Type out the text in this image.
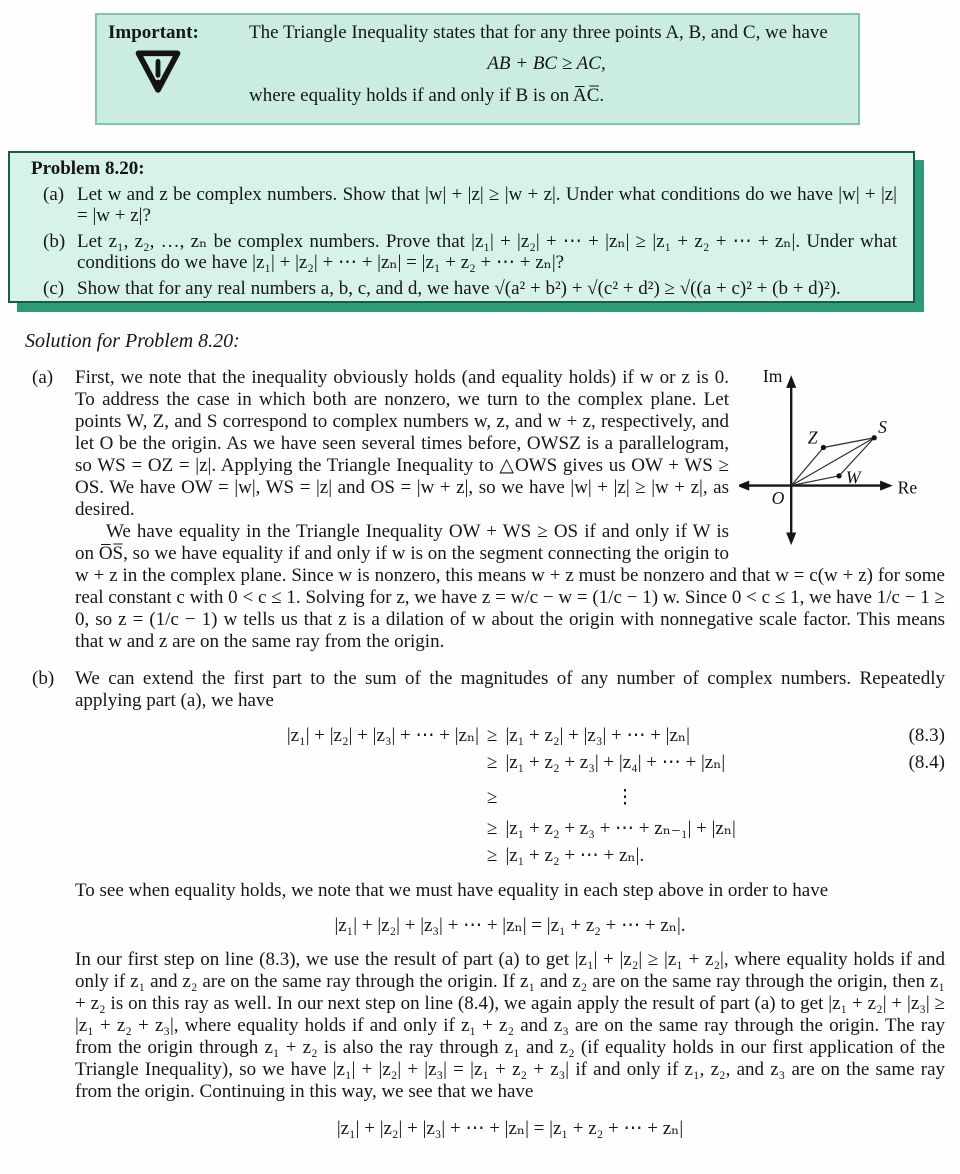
Important:	The Triangle Inequality states that for any three points A, B, and C, we have
AB + BC ≥ AC,
where equality holds if and only if B is on A̅C̅.
Problem 8.20:
(a) Let w and z be complex numbers. Show that |w| + |z| ≥ |w + z|. Under what conditions do we have |w| + |z| = |w + z|?
(b) Let z₁, z₂, …, zₙ be complex numbers. Prove that |z₁| + |z₂| + ⋯ + |zₙ| ≥ |z₁ + z₂ + ⋯ + zₙ|. Under what conditions do we have |z₁| + |z₂| + ⋯ + |zₙ| = |z₁ + z₂ + ⋯ + zₙ|?
(c) Show that for any real numbers a, b, c, and d, we have √(a² + b²) + √(c² + d²) ≥ √((a + c)² + (b + d)²).
Solution for Problem 8.20:
(a)	Im
Re
O
Z
S
W

First, we note that the inequality obviously holds (and equality holds) if w or z is 0. To address the case in which both are nonzero, we turn to the complex plane. Let points W, Z, and S correspond to complex numbers w, z, and w + z, respectively, and let O be the origin. As we have seen several times before, OWSZ is a parallelogram, so WS = OZ = |z|. Applying the Triangle Inequality to △OWS gives us OW + WS ≥ OS. We have OW = |w|, WS = |z| and OS = |w + z|, so we have |w| + |z| ≥ |w + z|, as desired.

We have equality in the Triangle Inequality OW + WS ≥ OS if and only if W is on O̅S̅, so we have equality if and only if w is on the segment connecting the origin to w + z in the complex plane. Since w is nonzero, this means w + z must be nonzero and that w = c(w + z) for some real constant c with 0 < c ≤ 1. Solving for z, we have z = w/c − w = (1/c − 1) w. Since 0 < c ≤ 1, we have 1/c − 1 ≥ 0, so z = (1/c − 1) w tells us that z is a dilation of w about the origin with nonnegative scale factor. This means that w and z are on the same ray from the origin.

(b) We can extend the first part to the sum of the magnitudes of any number of complex numbers. Repeatedly applying part (a), we have

|z₁| + |z₂| + |z₃| + ⋯ + |zₙ| ≥ |z₁ + z₂| + |z₃| + ⋯ + |zₙ|	(8.3)
≥ |z₁ + z₂ + z₃| + |z₄| + ⋯ + |zₙ|	(8.4)
≥	⋮
≥ |z₁ + z₂ + z₃ + ⋯ + zₙ₋₁| + |zₙ|
≥ |z₁ + z₂ + ⋯ + zₙ|.

To see when equality holds, we note that we must have equality in each step above in order to have

|z₁| + |z₂| + |z₃| + ⋯ + |zₙ| = |z₁ + z₂ + ⋯ + zₙ|.

In our first step on line (8.3), we use the result of part (a) to get |z₁| + |z₂| ≥ |z₁ + z₂|, where equality holds if and only if z₁ and z₂ are on the same ray through the origin. If z₁ and z₂ are on the same ray through the origin, then z₁ + z₂ is on this ray as well. In our next step on line (8.4), we again apply the result of part (a) to get |z₁ + z₂| + |z₃| ≥ |z₁ + z₂ + z₃|, where equality holds if and only if z₁ + z₂ and z₃ are on the same ray through the origin. The ray from the origin through z₁ + z₂ is also the ray through z₁ and z₂ (if equality holds in our first application of the Triangle Inequality), so we have |z₁| + |z₂| + |z₃| = |z₁ + z₂ + z₃| if and only if z₁, z₂, and z₃ are on the same ray from the origin. Continuing in this way, we see that we have

|z₁| + |z₂| + |z₃| + ⋯ + |zₙ| = |z₁ + z₂ + ⋯ + zₙ|
